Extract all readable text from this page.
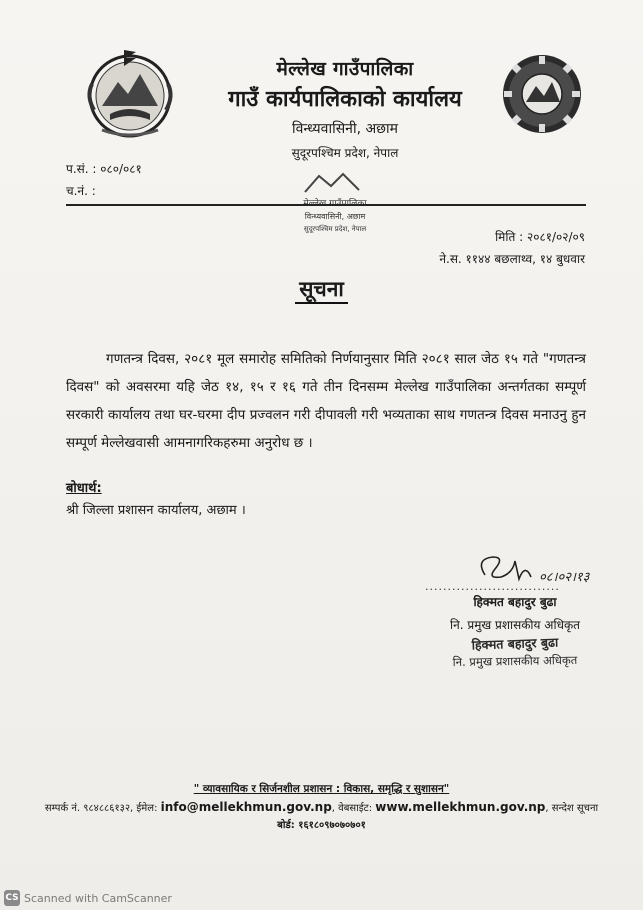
मेल्लेख गाउँपालिका
गाउँ कार्यपालिकाको कार्यालय
विन्ध्यवासिनी, अछाम
सुदूरपश्चिम प्रदेश, नेपाल
प.सं. : ०८०/०८१
च.नं. :
विन्ध्यवासिनी, अछाम
सुदूरपश्चिम प्रदेश, नेपाल
मिति : २०८१/०२/०९
ने.स. ११४४ बछलाथ्व, १४ बुधवार
सूचना
गणतन्त्र दिवस, २०८१ मूल समारोह समितिको निर्णयानुसार मिति २०८१ साल जेठ १५ गते "गणतन्त्र दिवस" को अवसरमा यहि जेठ १४, १५ र १६ गते तीन दिनसम्म मेल्लेख गाउँपालिका अन्तर्गतका सम्पूर्ण सरकारी कार्यालय तथा घर-घरमा दीप प्रज्वलन गरी दीपावली गरी भव्यताका साथ गणतन्त्र दिवस मनाउनु हुन सम्पूर्ण मेल्लेखवासी आमनागरिकहरुमा अनुरोध छ ।
बोधार्थ:
श्री जिल्ला प्रशासन कार्यालय, अछाम ।
०८।०२।१३
..............................
हिक्मत बहादुर बुढा
नि. प्रमुख प्रशासकीय अधिकृत
हिक्मत बहादुर बुढा
नि. प्रमुख प्रशासकीय अधिकृत
" व्यावसायिक र सिर्जनशील प्रशासन : विकास, समृद्धि र सुशासन"
सम्पर्क नं. ९८४८८६१३२, ईमेल: info@mellekhmun.gov.np, वेबसाईट: www.mellekhmun.gov.np, सन्देश सूचना
बोर्ड: १६१८०९७०७०७०१
CS Scanned with CamScanner
